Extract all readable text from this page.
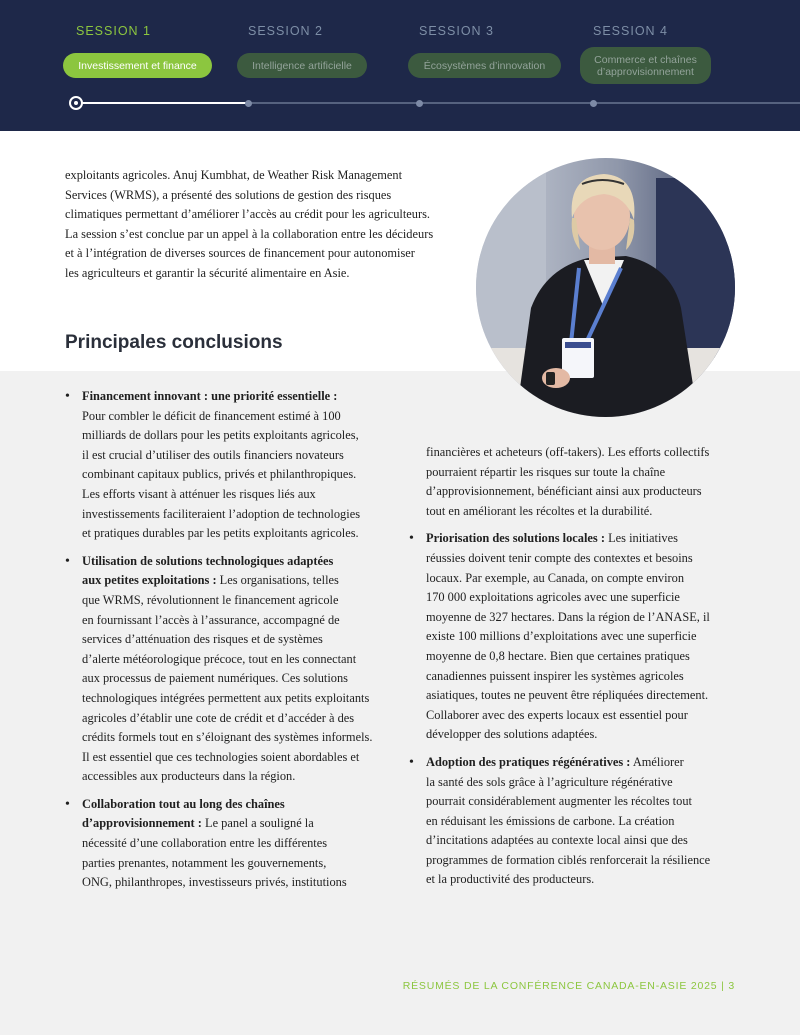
SESSION 1
Investissement et finance
SESSION 2
Intelligence artificielle
SESSION 3
Écosystèmes d’innovation
SESSION 4
Commerce et chaînes
d’approvisionnement
exploitants agricoles. Anuj Kumbhat, de Weather Risk Management
Services (WRMS), a présenté des solutions de gestion des risques
climatiques permettant d’améliorer l’accès au crédit pour les agriculteurs.
La session s’est conclue par un appel à la collaboration entre les décideurs
et à l’intégration de diverses sources de financement pour autonomiser
les agriculteurs et garantir la sécurité alimentaire en Asie.
Principales conclusions
• Financement innovant : une priorité essentielle :
Pour combler le déficit de financement estimé à 100
milliards de dollars pour les petits exploitants agricoles,
il est crucial d’utiliser des outils financiers novateurs
combinant capitaux publics, privés et philanthropiques.
Les efforts visant à atténuer les risques liés aux
investissements faciliteraient l’adoption de technologies
et pratiques durables par les petits exploitants agricoles.
• Utilisation de solutions technologiques adaptées
aux petites exploitations : Les organisations, telles
que WRMS, révolutionnent le financement agricole
en fournissant l’accès à l’assurance, accompagné de
services d’atténuation des risques et de systèmes
d’alerte météorologique précoce, tout en les connectant
aux processus de paiement numériques. Ces solutions
technologiques intégrées permettent aux petits exploitants
agricoles d’établir une cote de crédit et d’accéder à des
crédits formels tout en s’éloignant des systèmes informels.
Il est essentiel que ces technologies soient abordables et
accessibles aux producteurs dans la région.
• Collaboration tout au long des chaînes
d’approvisionnement : Le panel a souligné la
nécessité d’une collaboration entre les différentes
parties prenantes, notamment les gouvernements,
ONG, philanthropes, investisseurs privés, institutions
financières et acheteurs (off-takers). Les efforts collectifs
pourraient répartir les risques sur toute la chaîne
d’approvisionnement, bénéficiant ainsi aux producteurs
tout en améliorant les récoltes et la durabilité.
• Priorisation des solutions locales : Les initiatives
réussies doivent tenir compte des contextes et besoins
locaux. Par exemple, au Canada, on compte environ
170 000 exploitations agricoles avec une superficie
moyenne de 327 hectares. Dans la région de l’ANASE, il
existe 100 millions d’exploitations avec une superficie
moyenne de 0,8 hectare. Bien que certaines pratiques
canadiennes puissent inspirer les systèmes agricoles
asiatiques, toutes ne peuvent être répliquées directement.
Collaborer avec des experts locaux est essentiel pour
développer des solutions adaptées.
• Adoption des pratiques régénératives : Améliorer
la santé des sols grâce à l’agriculture régénérative
pourrait considérablement augmenter les récoltes tout
en réduisant les émissions de carbone. La création
d’incitations adaptées au contexte local ainsi que des
programmes de formation ciblés renforcerait la résilience
et la productivité des producteurs.
RÉSUMÉS DE LA CONFÉRENCE CANADA-EN-ASIE 2025 | 3
